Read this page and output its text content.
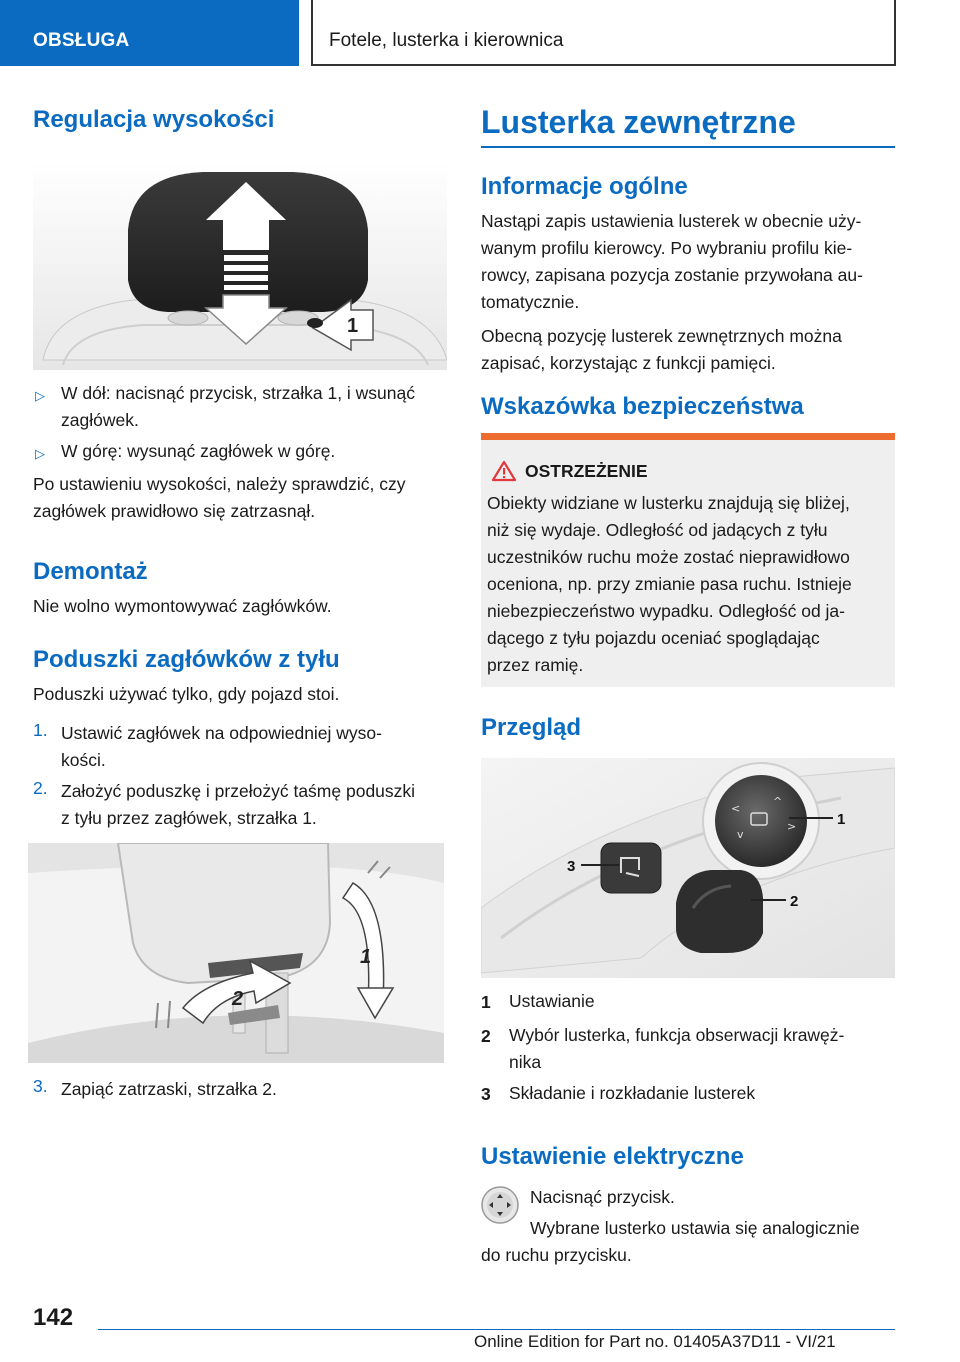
OBSŁUGA	Fotele, lusterka i kierownica
Regulacja wysokości
1
▷ W dół: nacisnąć przycisk, strzałka 1, i wsunąć
zagłówek.
▷ W górę: wysunąć zagłówek w górę.
Po ustawieniu wysokości, należy sprawdzić, czy
zagłówek prawidłowo się zatrzasnął.
Demontaż
Nie wolno wymontowywać zagłówków.
Poduszki zagłówków z tyłu
Poduszki używać tylko, gdy pojazd stoi.
1. Ustawić zagłówek na odpowiedniej wyso-
kości.
2. Założyć poduszkę i przełożyć taśmę poduszki
z tyłu przez zagłówek, strzałka 1.
1
2
3. Zapiąć zatrzaski, strzałka 2.
Lusterka zewnętrzne
Informacje ogólne
Nastąpi zapis ustawienia lusterek w obecnie uży-
wanym profilu kierowcy. Po wybraniu profilu kie-
rowcy, zapisana pozycja zostanie przywołana au-
tomatycznie.
Obecną pozycję lusterek zewnętrznych można
zapisać, korzystając z funkcji pamięci.
Wskazówka bezpieczeństwa
OSTRZEŻENIE
Obiekty widziane w lusterku znajdują się bliżej,
niż się wydaje. Odległość od jadących z tyłu
uczestników ruchu może zostać nieprawidłowo
oceniona, np. przy zmianie pasa ruchu. Istnieje
niebezpieczeństwo wypadku. Odległość od ja-
dącego z tyłu pojazdu oceniać spoglądając
przez ramię.
Przegląd
^
<
>
v
1
2
3
1 Ustawianie
2 Wybór lusterka, funkcja obserwacji krawęż-
nika
3 Składanie i rozkładanie lusterek
Ustawienie elektryczne
Nacisnąć przycisk.
Wybrane lusterko ustawia się analogicznie
do ruchu przycisku.
142
Online Edition for Part no. 01405A37D11 - VI/21
